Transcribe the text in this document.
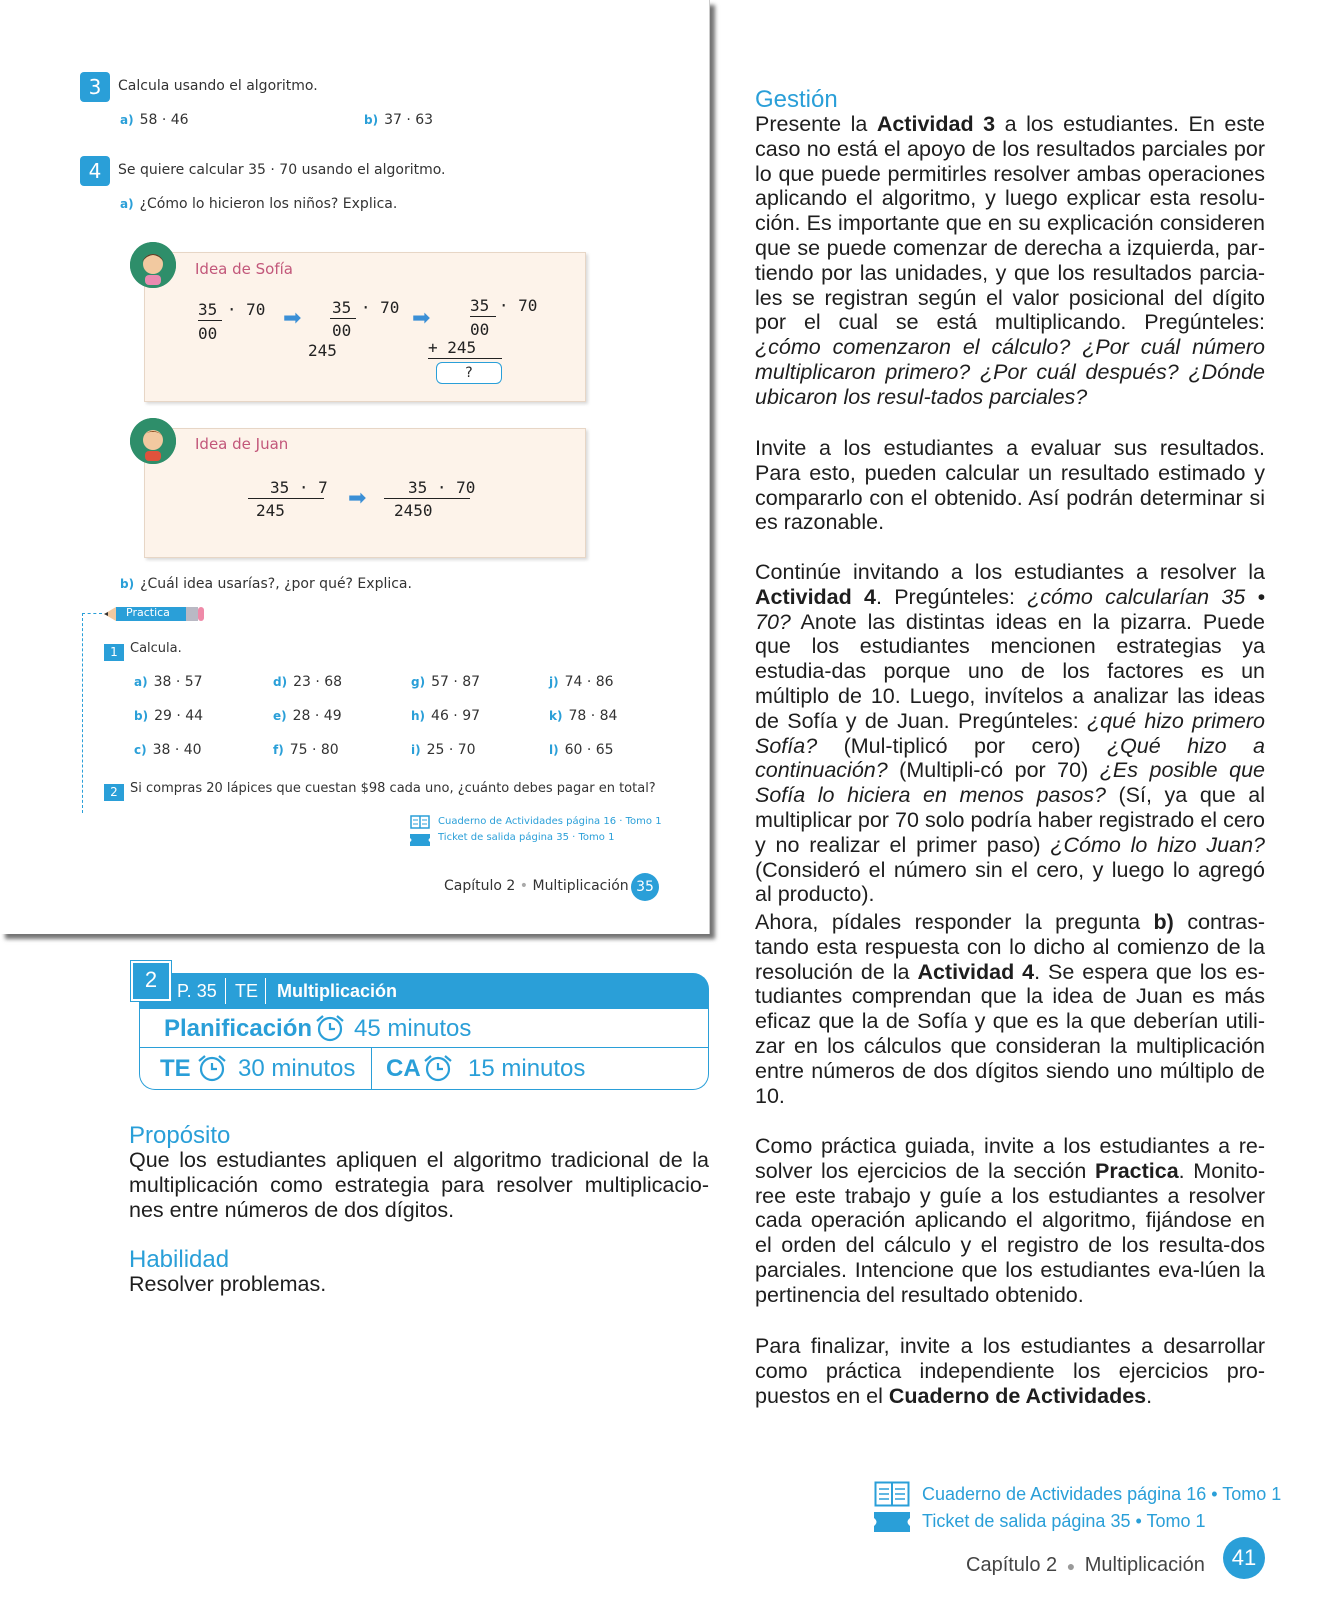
3	Calcula usando el algoritmo.
a) 58 · 46	b) 37 · 63
4	Se quiere calcular 35 · 70 usando el algoritmo.
a) ¿Cómo lo hicieron los niños? Explica.
Idea de Sofía
35 · 70
00
➡ 35 · 70
00
245
➡
35 · 70
00
+ 245
?
Idea de Juan
35 · 7
245	➡	35 · 70
2450
b) ¿Cuál idea usarías?, ¿por qué? Explica.
Practica
1 Calcula.
a) 38 · 57	d) 23 · 68	g) 57 · 87	j) 74 · 86
b) 29 · 44	e) 28 · 49	h) 46 · 97	k) 78 · 84
c) 38 · 40	f) 75 · 80	i) 25 · 70	l) 60 · 65
2 Si compras 20 lápices que cuestan $98 cada uno, ¿cuánto debes pagar en total?
Cuaderno de Actividades página 16 · Tomo 1
Ticket de salida página 35 · Tomo 1
Capítulo 2 • Multiplicación 35
2	P. 35 TE Multiplicación
Planificación 45 minutos
TE 30 minutos CA 15 minutos
Propósito
Que los estudiantes apliquen el algoritmo tradicional de la multiplicación como estrategia para resolver multiplicacio-nes entre números de dos dígitos.
Habilidad
Resolver problemas.
Gestión
Presente la Actividad 3 a los estudiantes. En este caso no está el apoyo de los resultados parciales por lo que puede permitirles resolver ambas operaciones aplicando el algoritmo, y luego explicar esta resolu-ción. Es importante que en su explicación consideren que se puede comenzar de derecha a izquierda, par-tiendo por las unidades, y que los resultados parcia-les se registran según el valor posicional del dígito por el cual se está multiplicando. Pregúnteles: ¿cómo comenzaron el cálculo? ¿Por cuál número multiplicaron primero? ¿Por cuál después? ¿Dónde ubicaron los resul-tados parciales?
Invite a los estudiantes a evaluar sus resultados. Para esto, pueden calcular un resultado estimado y compararlo con el obtenido. Así podrán determinar si es razonable.
Continúe invitando a los estudiantes a resolver la Actividad 4. Pregúnteles: ¿cómo calcularían 35 • 70? Anote las distintas ideas en la pizarra. Puede que los estudiantes mencionen estrategias ya estudia-das porque uno de los factores es un múltiplo de 10. Luego, invítelos a analizar las ideas de Sofía y de Juan. Pregúnteles: ¿qué hizo primero Sofía? (Mul-tiplicó por cero) ¿Qué hizo a continuación? (Multipli-có por 70) ¿Es posible que Sofía lo hiciera en menos pasos? (Sí, ya que al multiplicar por 70 solo podría haber registrado el cero y no realizar el primer paso) ¿Cómo lo hizo Juan? (Consideró el número sin el cero, y luego lo agregó al producto).
Ahora, pídales responder la pregunta b) contras-tando esta respuesta con lo dicho al comienzo de la resolución de la Actividad 4. Se espera que los es-tudiantes comprendan que la idea de Juan es más eficaz que la de Sofía y que es la que deberían utili-zar en los cálculos que consideran la multiplicación entre números de dos dígitos siendo uno múltiplo de 10.
Como práctica guiada, invite a los estudiantes a re-solver los ejercicios de la sección Practica. Monito-ree este trabajo y guíe a los estudiantes a resolver cada operación aplicando el algoritmo, fijándose en el orden del cálculo y el registro de los resulta-dos parciales. Intencione que los estudiantes eva-lúen la pertinencia del resultado obtenido.
Para finalizar, invite a los estudiantes a desarrollar como práctica independiente los ejercicios pro-puestos en el Cuaderno de Actividades.
Cuaderno de Actividades página 16 • Tomo 1
Ticket de salida página 35 • Tomo 1
Capítulo 2 ● Multiplicación	41
